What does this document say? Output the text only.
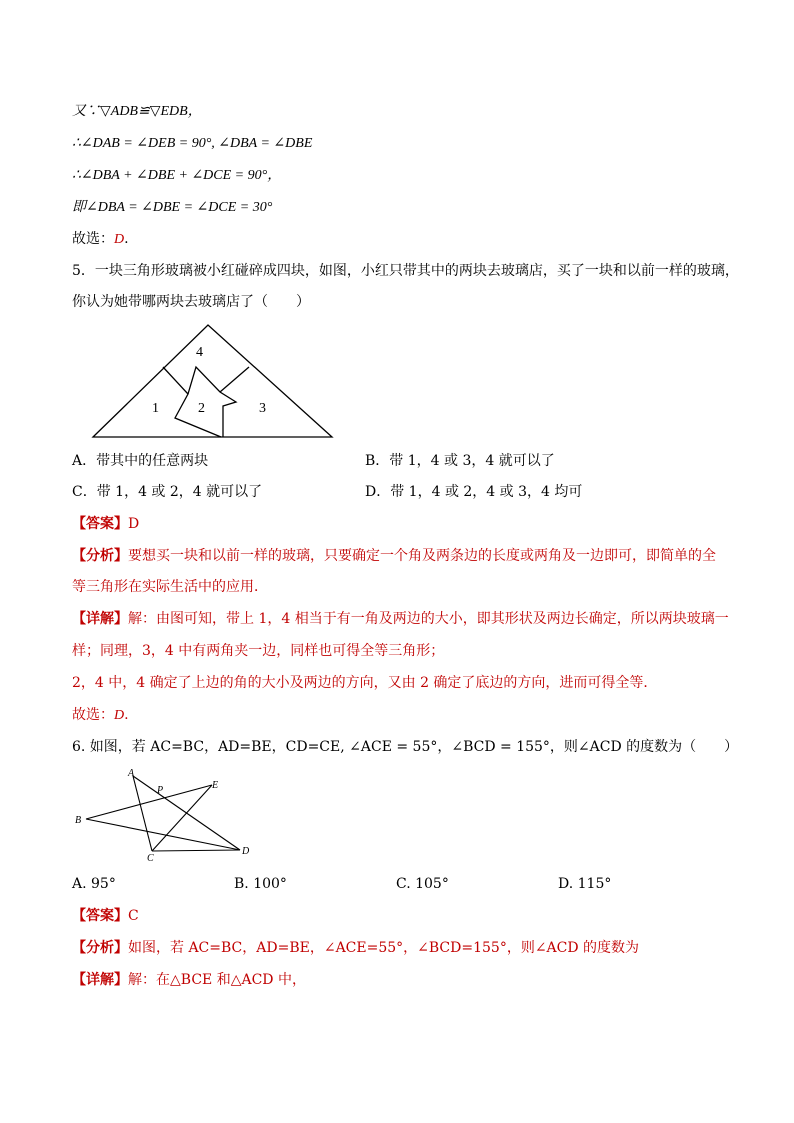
又∵▽ADB≌▽EDB，
∴∠DAB = ∠DEB = 90°, ∠DBA = ∠DBE
∴∠DBA + ∠DBE + ∠DCE = 90°，
即∠DBA = ∠DBE = ∠DCE = 30°
故选：D.
5．一块三角形玻璃被小红碰碎成四块，如图，小红只带其中的两块去玻璃店，买了一块和以前一样的玻璃，
你认为她带哪两块去玻璃店了（　　）
4
1	2	3
A．带其中的任意两块	B．带 1，4 或 3，4 就可以了
C．带 1，4 或 2，4 就可以了	D．带 1，4 或 2，4 或 3，4 均可
【答案】D
【分析】要想买一块和以前一样的玻璃，只要确定一个角及两条边的长度或两角及一边即可，即简单的全
等三角形在实际生活中的应用．
【详解】解：由图可知，带上 1，4 相当于有一角及两边的大小，即其形状及两边长确定，所以两块玻璃一
样；同理，3，4 中有两角夹一边，同样也可得全等三角形；
2，4 中，4 确定了上边的角的大小及两边的方向，又由 2 确定了底边的方向，进而可得全等．
故选：D.
6. 如图，若 AC=BC，AD=BE，CD=CE, ∠ACE = 55°，∠BCD = 155°，则∠ACD 的度数为（　　）
A
P	E
B
C
D
A. 95°	B. 100°	C. 105°	D. 115°
【答案】C
【分析】如图，若 AC=BC，AD=BE，∠ACE=55°，∠BCD=155°，则∠ACD 的度数为
【详解】解：在△BCE 和△ACD 中，
